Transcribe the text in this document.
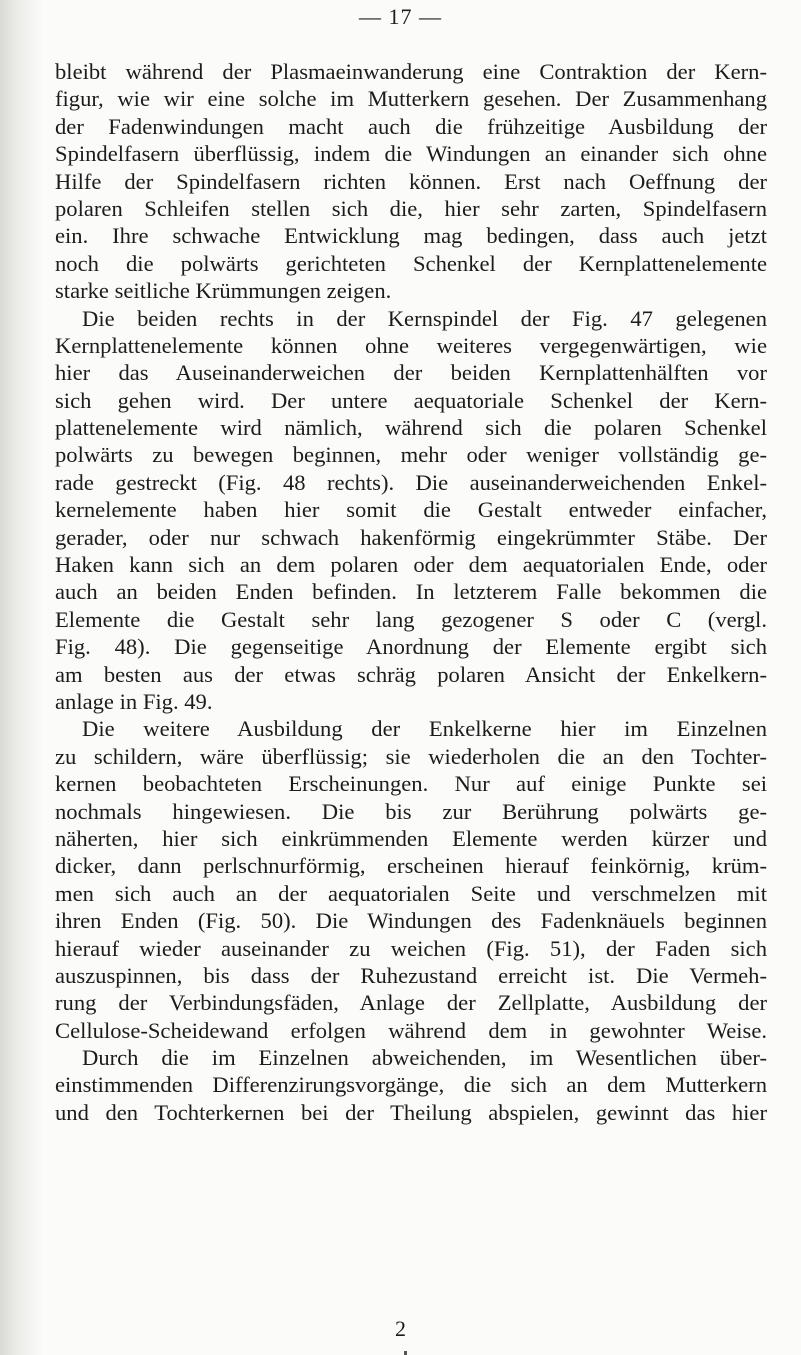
— 17 —
bleibt während der Plasmaeinwanderung eine Contraktion der Kern-
figur, wie wir eine solche im Mutterkern gesehen. Der Zusammenhang
der Fadenwindungen macht auch die frühzeitige Ausbildung der
Spindelfasern überflüssig, indem die Windungen an einander sich ohne
Hilfe der Spindelfasern richten können. Erst nach Oeffnung der
polaren Schleifen stellen sich die, hier sehr zarten, Spindelfasern
ein. Ihre schwache Entwicklung mag bedingen, dass auch jetzt
noch die polwärts gerichteten Schenkel der Kernplattenelemente
starke seitliche Krümmungen zeigen.
Die beiden rechts in der Kernspindel der Fig. 47 gelegenen
Kernplattenelemente können ohne weiteres vergegenwärtigen, wie
hier das Auseinanderweichen der beiden Kernplattenhälften vor
sich gehen wird. Der untere aequatoriale Schenkel der Kern-
plattenelemente wird nämlich, während sich die polaren Schenkel
polwärts zu bewegen beginnen, mehr oder weniger vollständig ge-
rade gestreckt (Fig. 48 rechts). Die auseinanderweichenden Enkel-
kernelemente haben hier somit die Gestalt entweder einfacher,
gerader, oder nur schwach hakenförmig eingekrümmter Stäbe. Der
Haken kann sich an dem polaren oder dem aequatorialen Ende, oder
auch an beiden Enden befinden. In letzterem Falle bekommen die
Elemente die Gestalt sehr lang gezogener S oder C (vergl.
Fig. 48). Die gegenseitige Anordnung der Elemente ergibt sich
am besten aus der etwas schräg polaren Ansicht der Enkelkern-
anlage in Fig. 49.
Die weitere Ausbildung der Enkelkerne hier im Einzelnen
zu schildern, wäre überflüssig; sie wiederholen die an den Tochter-
kernen beobachteten Erscheinungen. Nur auf einige Punkte sei
nochmals hingewiesen. Die bis zur Berührung polwärts ge-
näherten, hier sich einkrümmenden Elemente werden kürzer und
dicker, dann perlschnurförmig, erscheinen hierauf feinkörnig, krüm-
men sich auch an der aequatorialen Seite und verschmelzen mit
ihren Enden (Fig. 50). Die Windungen des Fadenknäuels beginnen
hierauf wieder auseinander zu weichen (Fig. 51), der Faden sich
auszuspinnen, bis dass der Ruhezustand erreicht ist. Die Vermeh-
rung der Verbindungsfäden, Anlage der Zellplatte, Ausbildung der
Cellulose-Scheidewand erfolgen während dem in gewohnter Weise.
Durch die im Einzelnen abweichenden, im Wesentlichen über-
einstimmenden Differenzirungsvorgänge, die sich an dem Mutterkern
und den Tochterkernen bei der Theilung abspielen, gewinnt das hier
2
